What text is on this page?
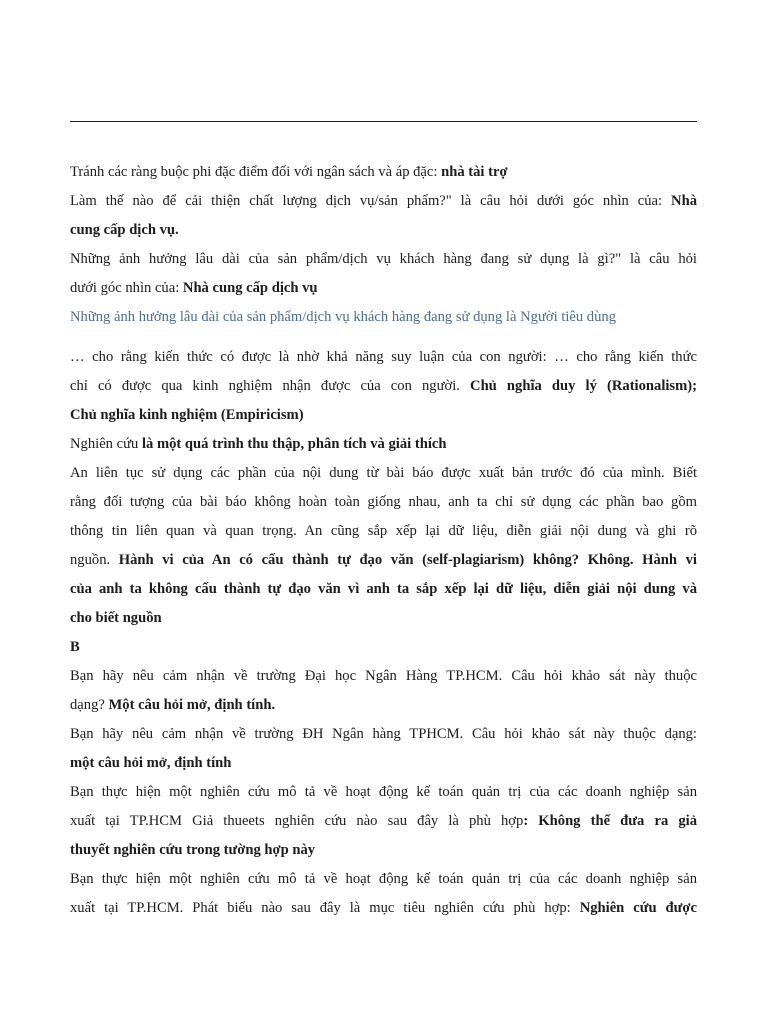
Tránh các ràng buộc phi đặc điểm đối với ngân sách và áp đặc: nhà tài trợ
Làm thế nào để cải thiện chất lượng dịch vụ/sản phẩm?" là câu hỏi dưới góc nhìn của: Nhà
cung cấp dịch vụ.
Những ảnh hưởng lâu dài của sản phẩm/dịch vụ khách hàng đang sử dụng là gì?" là câu hỏi
dưới góc nhìn của: Nhà cung cấp dịch vụ
Những ảnh hưởng lâu dài của sản phẩm/dịch vụ khách hàng đang sử dụng là Người tiêu dùng
… cho rằng kiến thức có được là nhờ khả năng suy luận của con người: … cho rằng kiến thức
chỉ có được qua kinh nghiệm nhận được của con người. Chủ nghĩa duy lý (Rationalism);
Chủ nghĩa kinh nghiệm (Empiricism)
Nghiên cứu là một quá trình thu thập, phân tích và giải thích
An liên tục sử dụng các phần của nội dung từ bài báo được xuất bản trước đó của mình. Biết
rằng đối tượng của bài báo không hoàn toàn giống nhau, anh ta chỉ sử dụng các phần bao gồm
thông tin liên quan và quan trọng. An cũng sắp xếp lại dữ liệu, diễn giải nội dung và ghi rõ
nguồn. Hành vi của An có cấu thành tự đạo văn (self-plagiarism) không? Không. Hành vi
của anh ta không cấu thành tự đạo văn vì anh ta sắp xếp lại dữ liệu, diễn giải nội dung và
cho biết nguồn
B
Bạn hãy nêu cảm nhận về trường Đại học Ngân Hàng TP.HCM. Câu hỏi khảo sát này thuộc
dạng? Một câu hỏi mở, định tính.
Bạn hãy nêu cảm nhận về trường ĐH Ngân hàng TPHCM. Câu hỏi khảo sát này thuộc dạng:
một câu hỏi mở, định tính
Bạn thực hiện một nghiên cứu mô tả về hoạt động kế toán quản trị của các doanh nghiệp sản
xuất tại TP.HCM Giả thueets nghiên cứu nào sau đây là phù hợp: Không thể đưa ra giả
thuyết nghiên cứu trong tường hợp này
Bạn thực hiện một nghiên cứu mô tả về hoạt động kế toán quản trị của các doanh nghiệp sản
xuất tại TP.HCM. Phát biểu nào sau đây là mục tiêu nghiên cứu phù hợp: Nghiên cứu được
